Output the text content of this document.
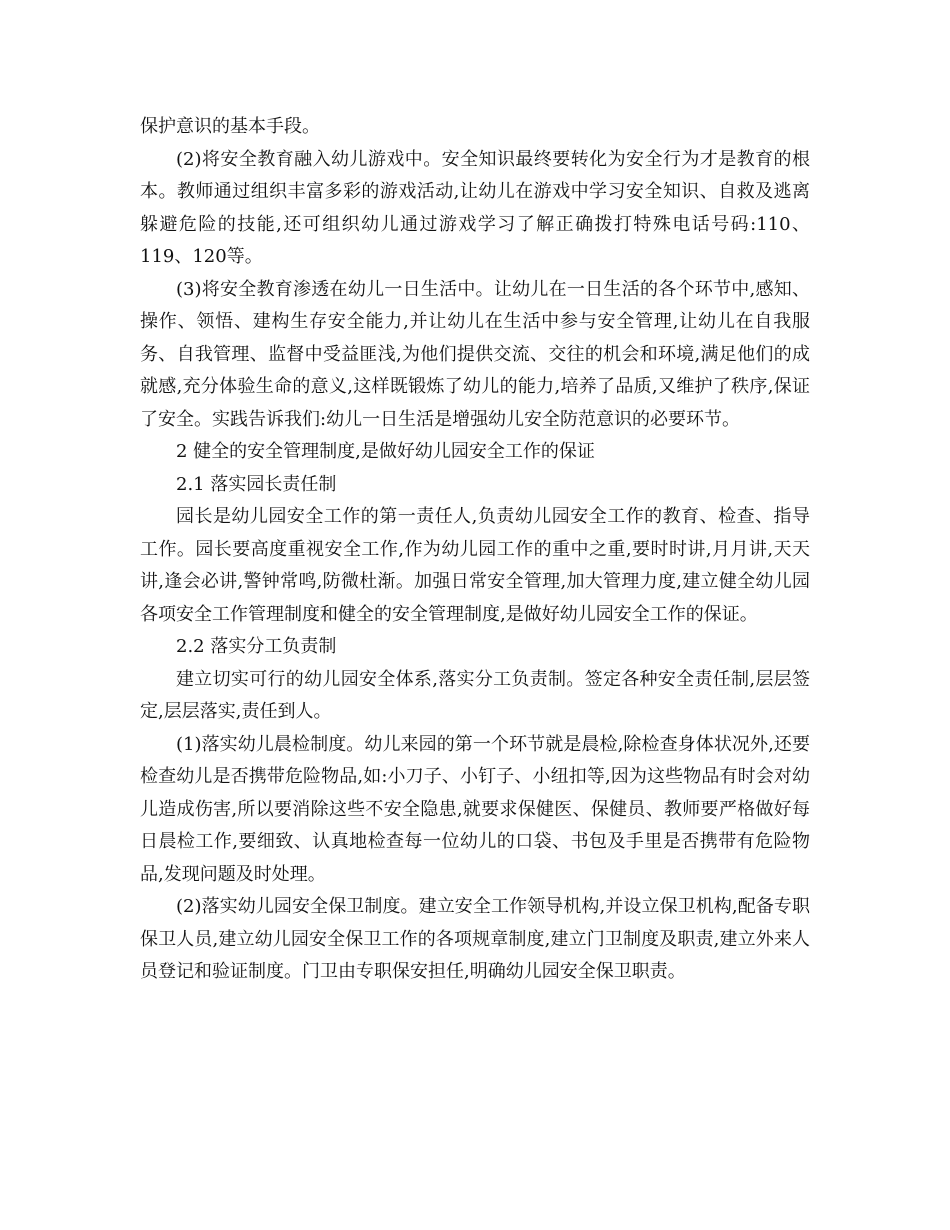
保护意识的基本手段。

(2)将安全教育融入幼儿游戏中。安全知识最终要转化为安全行为才是教育的根本。教师通过组织丰富多彩的游戏活动,让幼儿在游戏中学习安全知识、自救及逃离躲避危险的技能,还可组织幼儿通过游戏学习了解正确拨打特殊电话号码:110、119、120等。

(3)将安全教育渗透在幼儿一日生活中。让幼儿在一日生活的各个环节中,感知、操作、领悟、建构生存安全能力,并让幼儿在生活中参与安全管理,让幼儿在自我服务、自我管理、监督中受益匪浅,为他们提供交流、交往的机会和环境,满足他们的成就感,充分体验生命的意义,这样既锻炼了幼儿的能力,培养了品质,又维护了秩序,保证了安全。实践告诉我们:幼儿一日生活是增强幼儿安全防范意识的必要环节。

2 健全的安全管理制度,是做好幼儿园安全工作的保证

2.1 落实园长责任制

园长是幼儿园安全工作的第一责任人,负责幼儿园安全工作的教育、检查、指导工作。园长要高度重视安全工作,作为幼儿园工作的重中之重,要时时讲,月月讲,天天讲,逢会必讲,警钟常鸣,防微杜渐。加强日常安全管理,加大管理力度,建立健全幼儿园各项安全工作管理制度和健全的安全管理制度,是做好幼儿园安全工作的保证。

2.2 落实分工负责制

建立切实可行的幼儿园安全体系,落实分工负责制。签定各种安全责任制,层层签定,层层落实,责任到人。

(1)落实幼儿晨检制度。幼儿来园的第一个环节就是晨检,除检查身体状况外,还要检查幼儿是否携带危险物品,如:小刀子、小钉子、小纽扣等,因为这些物品有时会对幼儿造成伤害,所以要消除这些不安全隐患,就要求保健医、保健员、教师要严格做好每日晨检工作,要细致、认真地检查每一位幼儿的口袋、书包及手里是否携带有危险物品,发现问题及时处理。

(2)落实幼儿园安全保卫制度。建立安全工作领导机构,并设立保卫机构,配备专职保卫人员,建立幼儿园安全保卫工作的各项规章制度,建立门卫制度及职责,建立外来人员登记和验证制度。门卫由专职保安担任,明确幼儿园安全保卫职责。
